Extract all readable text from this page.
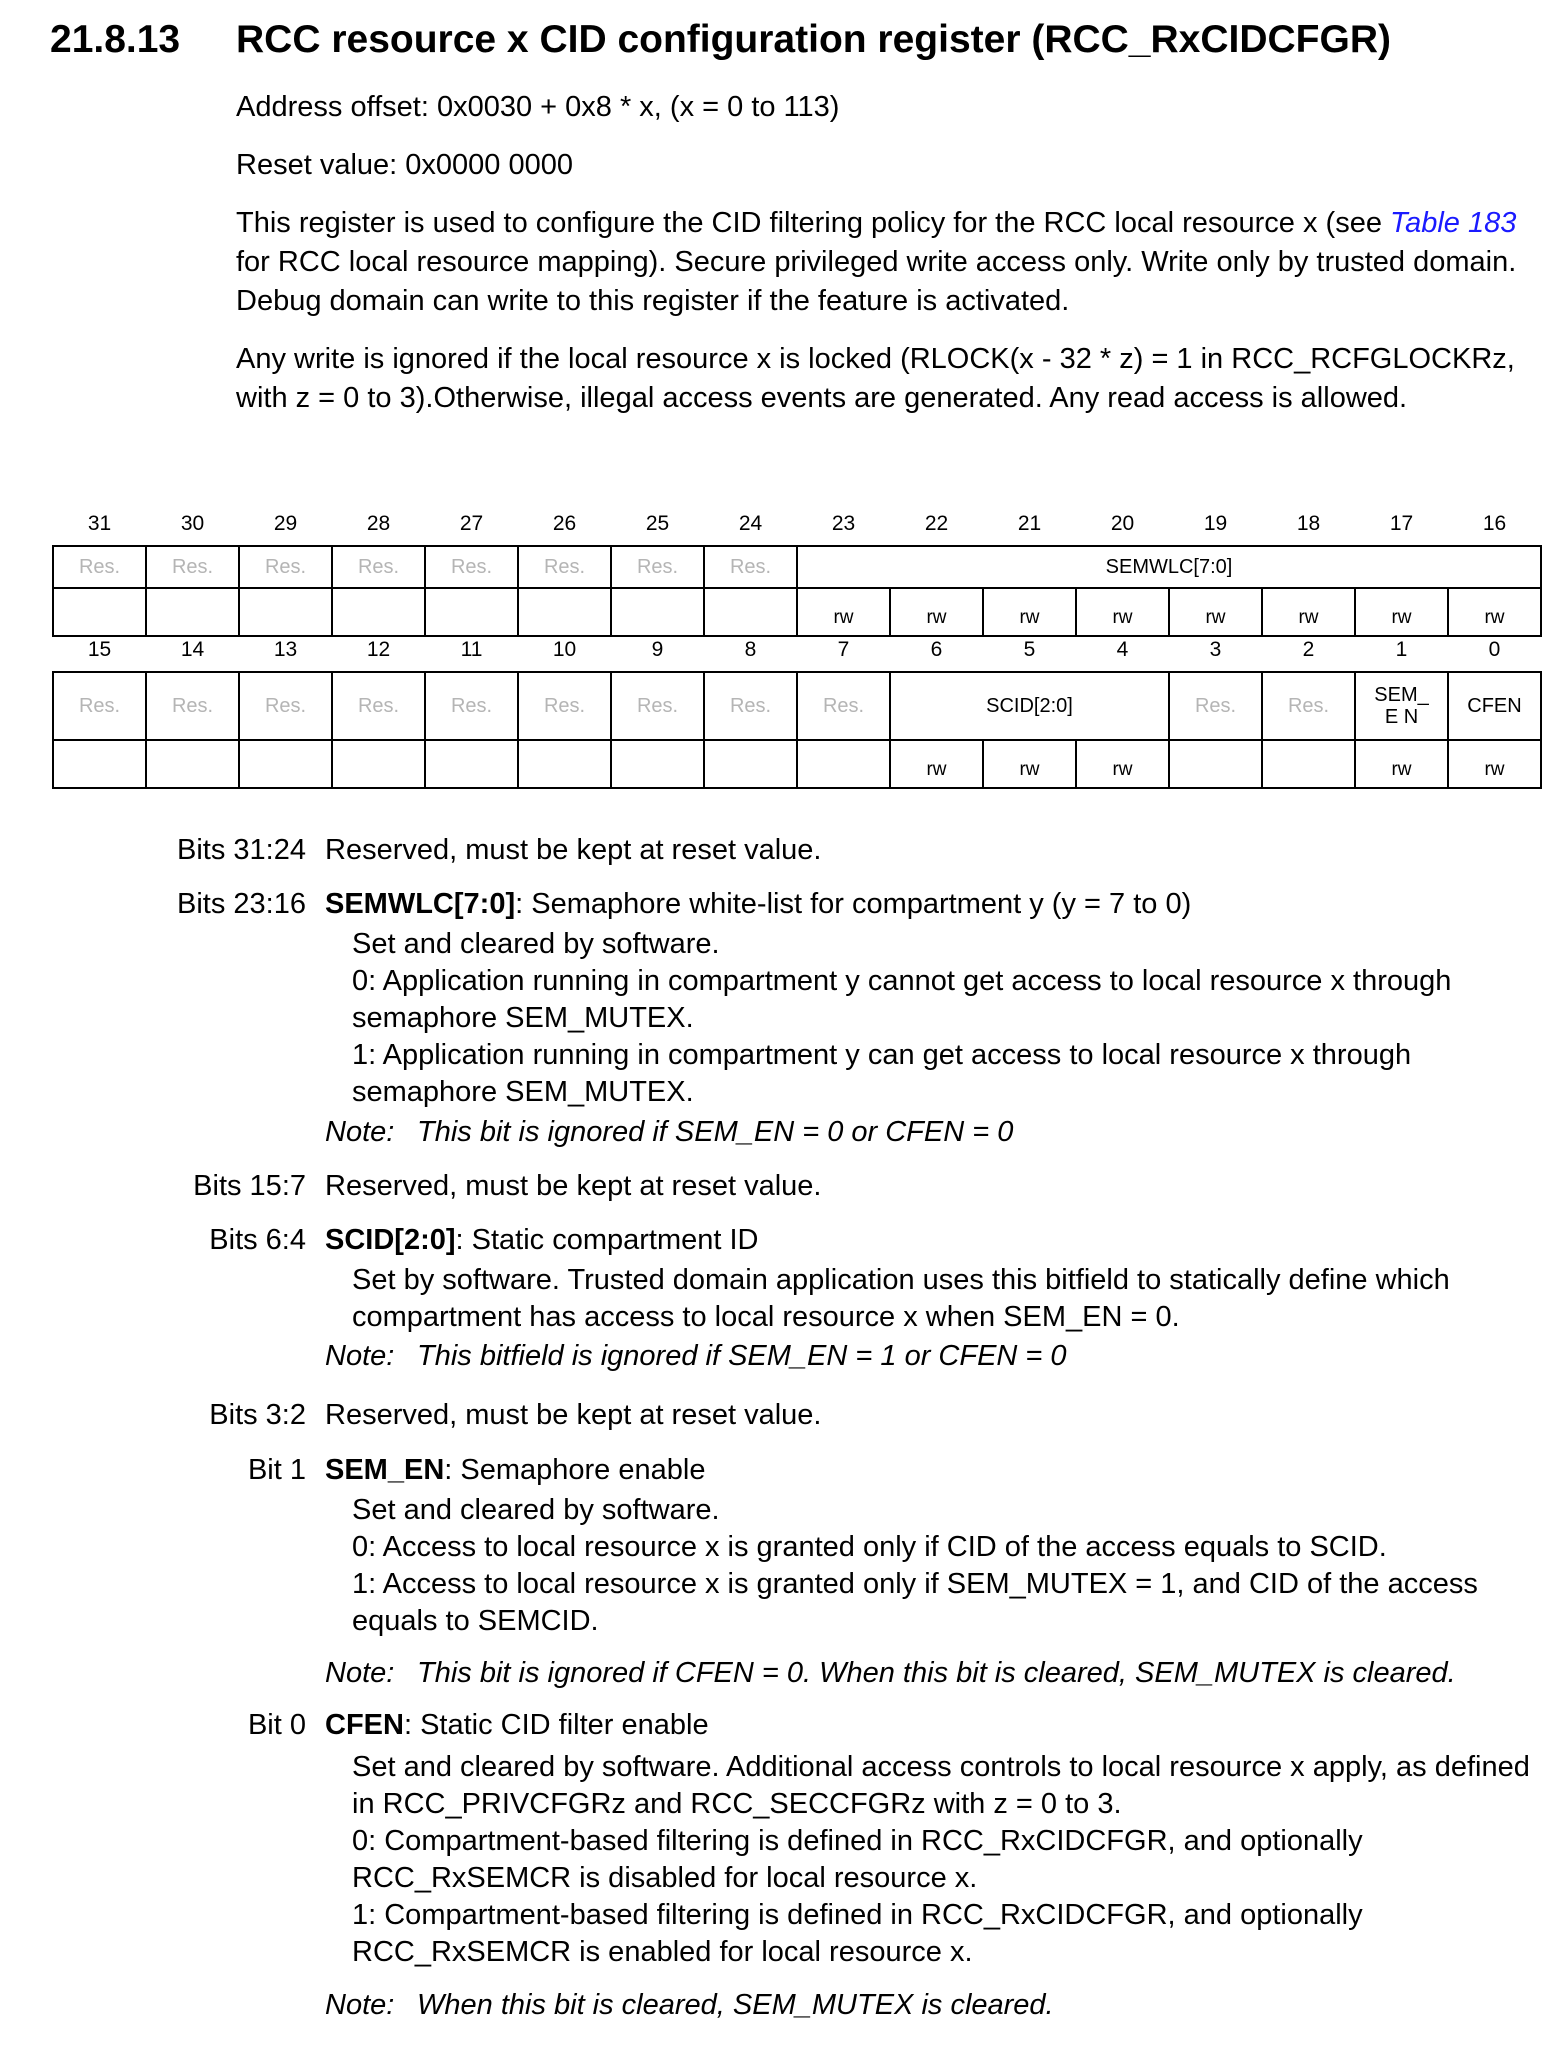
21.8.13 RCC resource x CID configuration register (RCC_RxCIDCFGR)

Address offset: 0x0030 + 0x8 * x, (x = 0 to 113)

Reset value: 0x0000 0000

This register is used to configure the CID filtering policy for the RCC local resource x (see Table 183 for RCC local resource mapping). Secure privileged write access only. Write only by trusted domain. Debug domain can write to this register if the feature is activated.

Any write is ignored if the local resource x is locked (RLOCK(x - 32 * z) = 1 in RCC_RCFGLOCKRz, with z = 0 to 3).Otherwise, illegal access events are generated. Any read access is allowed.

31	30	29	28	27	26	25	24	23	22	21	20	19	18	17	16
Res.	Res.	Res.	Res.	Res.	Res.	Res.	Res.	SEMWLC[7:0]							
								rw	rw	rw	rw	rw	rw	rw	rw
15	14	13	12	11	10	9	8	7	6	5	4	3	2	1	0
Res.	Res.	Res.	Res.	Res.	Res.	Res.	Res.	Res.	SCID[2:0]			Res.	Res.	SEM_E N	CFEN
									rw	rw	rw			rw	rw
Bits 31:24 Reserved, must be kept at reset value.
Bits 23:16 SEMWLC[7:0]: Semaphore white-list for compartment y (y = 7 to 0)

Set and cleared by software.

0: Application running in compartment y cannot get access to local resource x through semaphore SEM_MUTEX.

1: Application running in compartment y can get access to local resource x through semaphore SEM_MUTEX.

Note: This bit is ignored if SEM_EN = 0 or CFEN = 0
Bits 15:7 Reserved, must be kept at reset value.
Bits 6:4 SCID[2:0]: Static compartment ID

Set by software. Trusted domain application uses this bitfield to statically define which compartment has access to local resource x when SEM_EN = 0.

Note: This bitfield is ignored if SEM_EN = 1 or CFEN = 0
Bits 3:2 Reserved, must be kept at reset value.
Bit 1 SEM_EN: Semaphore enable

Set and cleared by software.

0: Access to local resource x is granted only if CID of the access equals to SCID.

1: Access to local resource x is granted only if SEM_MUTEX = 1, and CID of the access equals to SEMCID.

Note: This bit is ignored if CFEN = 0. When this bit is cleared, SEM_MUTEX is cleared.
Bit 0 CFEN: Static CID filter enable

Set and cleared by software. Additional access controls to local resource x apply, as defined in RCC_PRIVCFGRz and RCC_SECCFGRz with z = 0 to 3.

0: Compartment-based filtering is defined in RCC_RxCIDCFGR, and optionally RCC_RxSEMCR is disabled for local resource x.

1: Compartment-based filtering is defined in RCC_RxCIDCFGR, and optionally RCC_RxSEMCR is enabled for local resource x.

Note: When this bit is cleared, SEM_MUTEX is cleared.
